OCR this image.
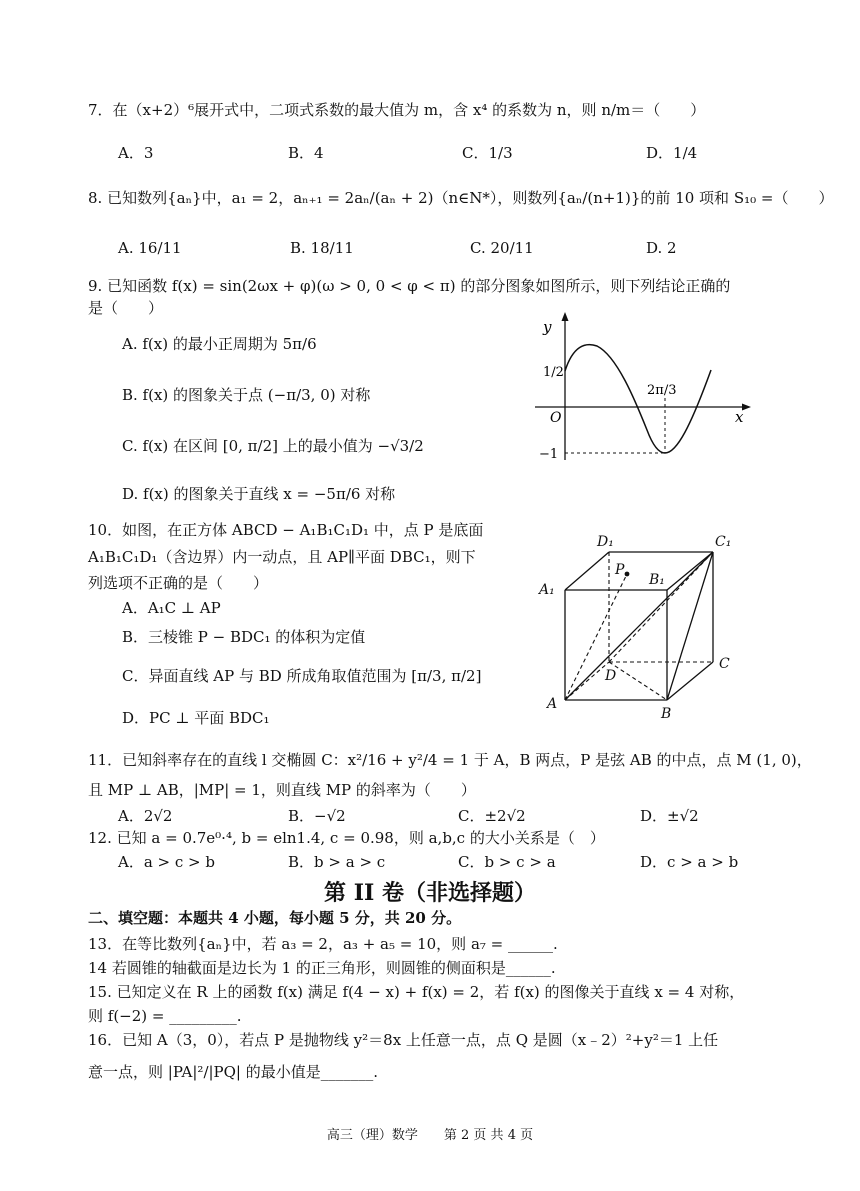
7．在（x+2）⁶展开式中，二项式系数的最大值为 m，含 x⁴ 的系数为 n，则 n/m＝（　　）
A．3	B．4	C．1/3	D．1/4
8. 已知数列{aₙ}中，a₁ = 2，aₙ₊₁ = 2aₙ/(aₙ + 2)（n∈N*），则数列{aₙ/(n+1)}的前 10 项和 S₁₀ =（　　）
A. 16/11	B. 18/11	C. 20/11	D. 2
9. 已知函数 f(x) = sin(2ωx + φ)(ω > 0, 0 < φ < π) 的部分图象如图所示，则下列结论正确的
是（　　）
A. f(x) 的最小正周期为 5π/6
B. f(x) 的图象关于点 (−π/3, 0) 对称
C. f(x) 在区间 [0, π/2] 上的最小值为 −√3/2
D. f(x) 的图象关于直线 x = −5π/6 对称
y
x
O
1/2
−1
2π/3
10．如图，在正方体 ABCD − A₁B₁C₁D₁ 中，点 P 是底面
A₁B₁C₁D₁（含边界）内一动点，且 AP∥平面 DBC₁，则下
列选项不正确的是（　　）
A．A₁C ⊥ AP
B．三棱锥 P − BDC₁ 的体积为定值
C．异面直线 AP 与 BD 所成角取值范围为 [π/3, π/2]
D．PC ⊥ 平面 BDC₁
D₁	C₁
P
B₁
A₁
D
C
A
B
11．已知斜率存在的直线 l 交椭圆 C：x²/16 + y²/4 = 1 于 A，B 两点，P 是弦 AB 的中点，点 M (1, 0)，
且 MP ⊥ AB，|MP| = 1，则直线 MP 的斜率为（　　）
A．2√2	B．−√2	C．±2√2	D．±√2
12. 已知 a = 0.7e⁰·⁴, b = eln1.4, c = 0.98，则 a,b,c 的大小关系是（　）
A．a > c > b	B．b > a > c	C．b > c > a	D．c > a > b
第 II 卷（非选择题）
二、填空题：本题共 4 小题，每小题 5 分，共 20 分。
13．在等比数列{aₙ}中，若 a₃ = 2，a₃ + a₅ = 10，则 a₇ = ______.
14 若圆锥的轴截面是边长为 1 的正三角形，则圆锥的侧面积是______.
15. 已知定义在 R 上的函数 f(x) 满足 f(4 − x) + f(x) = 2，若 f(x) 的图像关于直线 x = 4 对称，
则 f(−2) = _________.
16．已知 A（3，0），若点 P 是抛物线 y²＝8x 上任意一点，点 Q 是圆（x﹣2）²+y²＝1 上任
意一点，则 |PA|²/|PQ| 的最小值是_______.
高三（理）数学　　第 2 页 共 4 页
